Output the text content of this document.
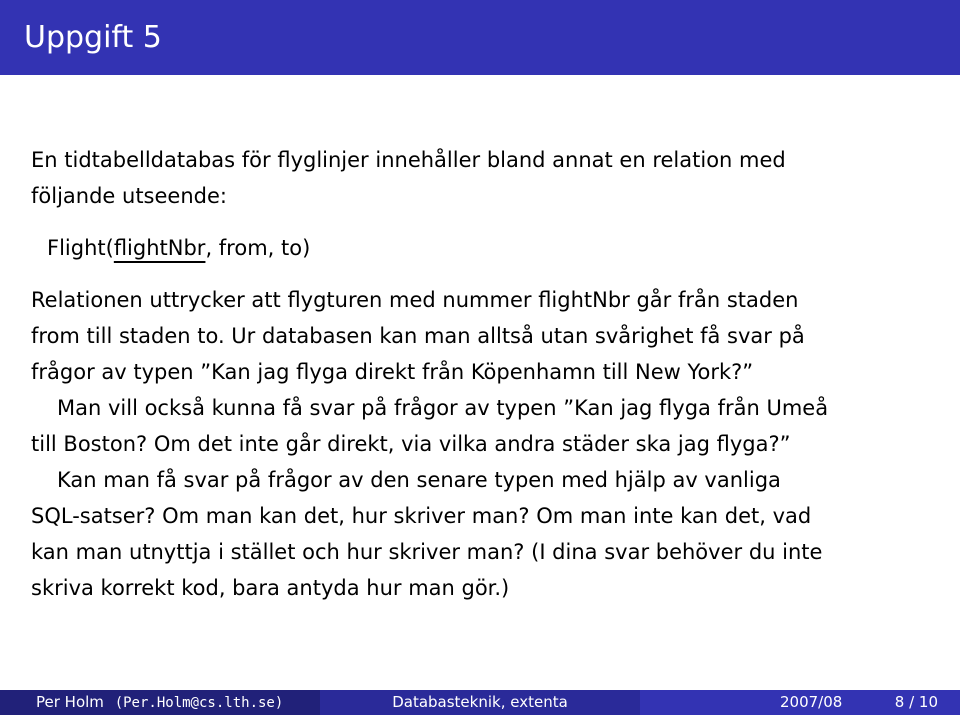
Uppgift 5
En tidtabelldatabas för flyglinjer innehåller bland annat en relation med
följande utseende:
Flight(flightNbr, from, to)
Relationen uttrycker att flygturen med nummer flightNbr går från staden
from till staden to. Ur databasen kan man alltså utan svårighet få svar på
frågor av typen ”Kan jag flyga direkt från Köpenhamn till New York?”
Man vill också kunna få svar på frågor av typen ”Kan jag flyga från Umeå
till Boston? Om det inte går direkt, via vilka andra städer ska jag flyga?”
Kan man få svar på frågor av den senare typen med hjälp av vanliga
SQL-satser? Om man kan det, hur skriver man? Om man inte kan det, vad
kan man utnyttja i stället och hur skriver man? (I dina svar behöver du inte
skriva korrekt kod, bara antyda hur man gör.)
Per Holm (Per.Holm@cs.lth.se)	Databasteknik, extenta	2007/08	8 / 10
